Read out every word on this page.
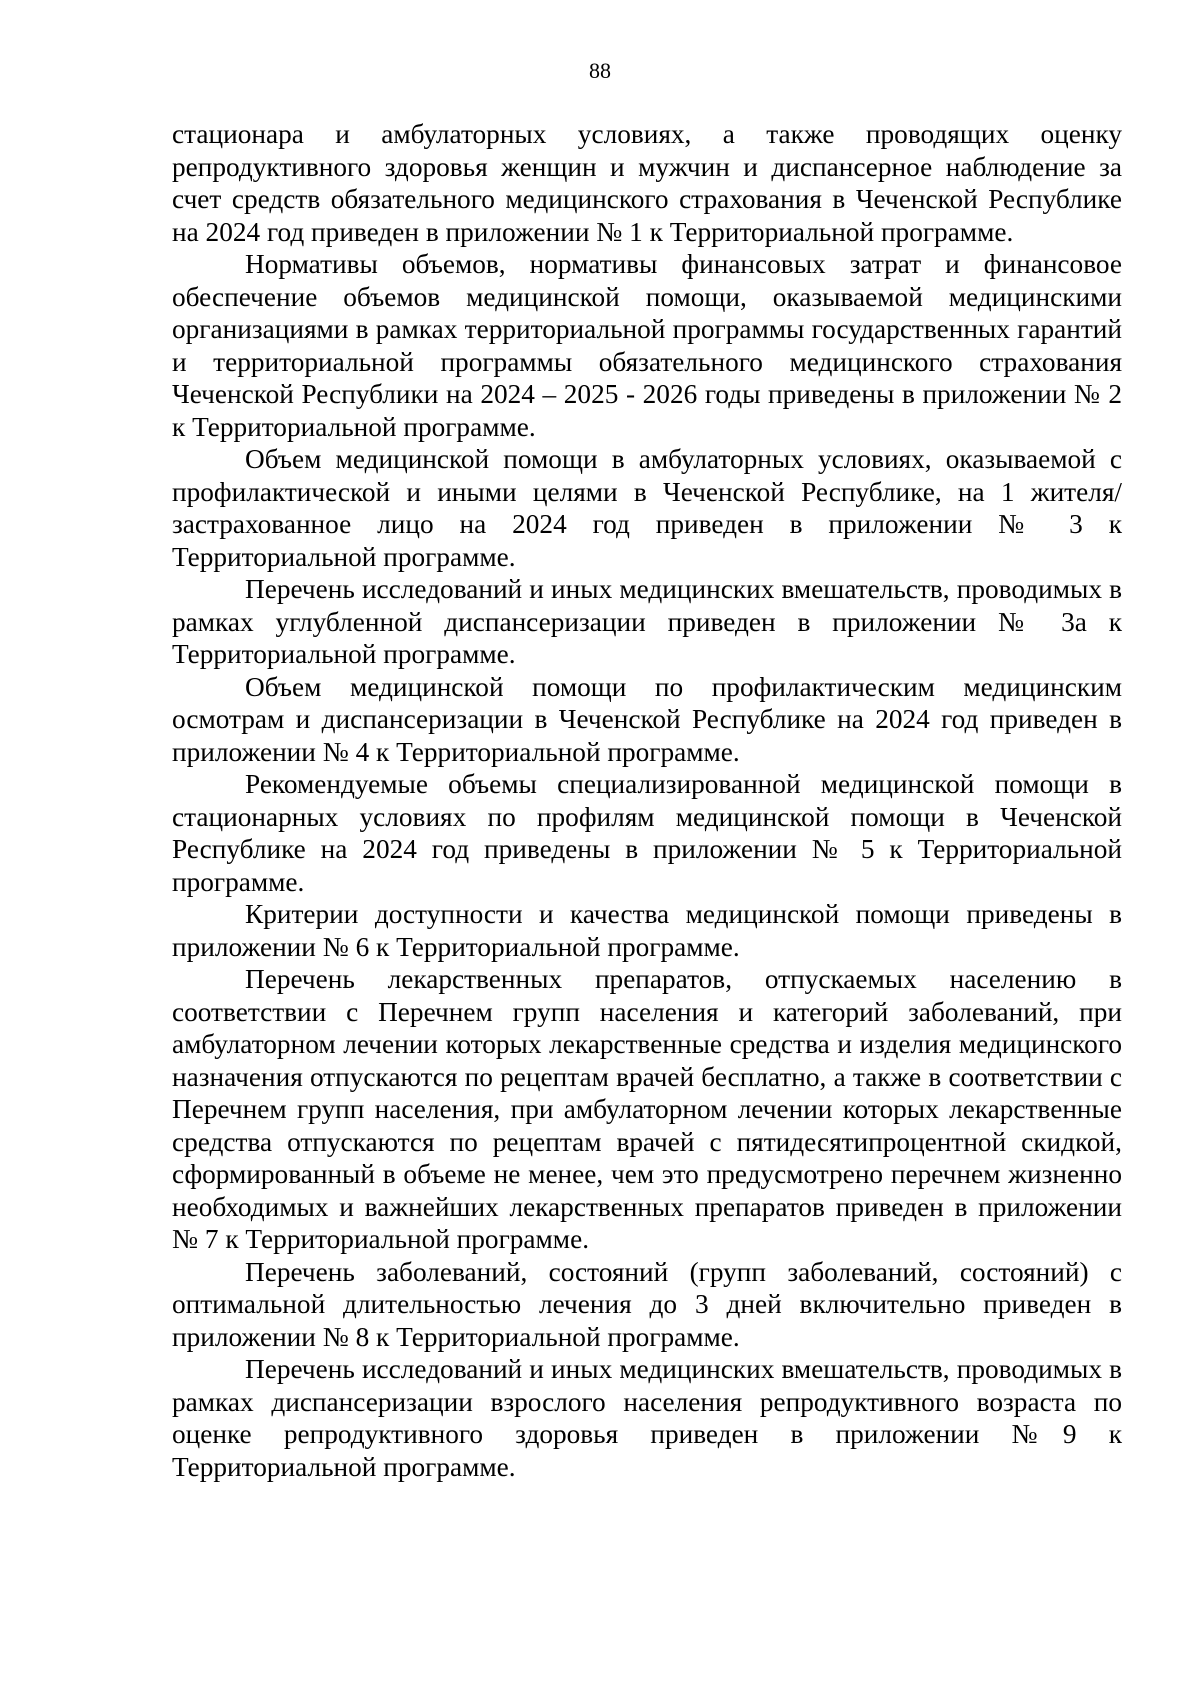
88

стационара и амбулаторных условиях, а также проводящих оценку репродуктивного здоровья женщин и мужчин и диспансерное наблюдение за счет средств обязательного медицинского страхования в Чеченской Республике на 2024 год приведен в приложении № 1 к Территориальной программе.

Нормативы объемов, нормативы финансовых затрат и финансовое обеспечение объемов медицинской помощи, оказываемой медицинскими организациями в рамках территориальной программы государственных гарантий и территориальной программы обязательного медицинского страхования Чеченской Республики на 2024 – 2025 - 2026 годы приведены в приложении № 2 к Территориальной программе.

Объем медицинской помощи в амбулаторных условиях, оказываемой с профилактической и иными целями в Чеченской Республике, на 1 жителя/застрахованное лицо на 2024 год приведен в приложении № 3 к Территориальной программе.

Перечень исследований и иных медицинских вмешательств, проводимых в рамках углубленной диспансеризации приведен в приложении № 3а к Территориальной программе.

Объем медицинской помощи по профилактическим медицинским осмотрам и диспансеризации в Чеченской Республике на 2024 год приведен в приложении № 4 к Территориальной программе.

Рекомендуемые объемы специализированной медицинской помощи в стационарных условиях по профилям медицинской помощи в Чеченской Республике на 2024 год приведены в приложении № 5 к Территориальной программе.

Критерии доступности и качества медицинской помощи приведены в приложении № 6 к Территориальной программе.

Перечень лекарственных препаратов, отпускаемых населению в соответствии с Перечнем групп населения и категорий заболеваний, при амбулаторном лечении которых лекарственные средства и изделия медицинского назначения отпускаются по рецептам врачей бесплатно, а также в соответствии с Перечнем групп населения, при амбулаторном лечении которых лекарственные средства отпускаются по рецептам врачей с пятидесятипроцентной скидкой, сформированный в объеме не менее, чем это предусмотрено перечнем жизненно необходимых и важнейших лекарственных препаратов приведен в приложении № 7 к Территориальной программе.

Перечень заболеваний, состояний (групп заболеваний, состояний) с оптимальной длительностью лечения до 3 дней включительно приведен в приложении № 8 к Территориальной программе.

Перечень исследований и иных медицинских вмешательств, проводимых в рамках диспансеризации взрослого населения репродуктивного возраста по оценке репродуктивного здоровья приведен в приложении №9 к Территориальной программе.
